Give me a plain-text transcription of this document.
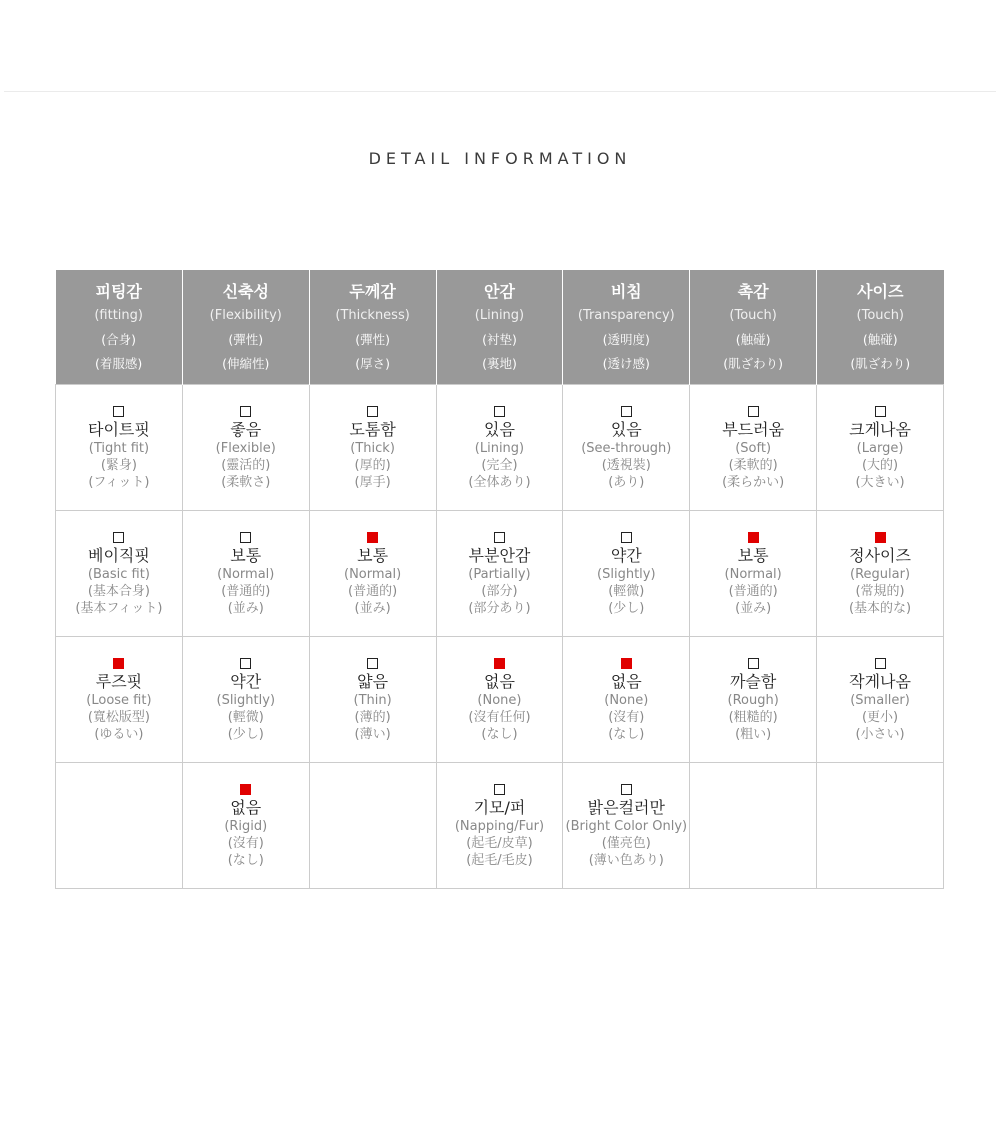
DETAIL INFORMATION
피팅감
(fitting)
(合身)
(着服感)	신축성
(Flexibility)
(彈性)
(伸縮性)	두께감
(Thickness)
(彈性)
(厚さ)	안감
(Lining)
(衬垫)
(裏地)	비침
(Transparency)
(透明度)
(透け感)	촉감
(Touch)
(触碰)
(肌ざわり)	사이즈
(Touch)
(触碰)
(肌ざわり)

타이트핏
(Tight fit)
(緊身)
(フィット)	좋음
(Flexible)
(靈活的)
(柔軟さ)	도톰함
(Thick)
(厚的)
(厚手)	있음
(Lining)
(完全)
(全体あり)	있음
(See-through)
(透視裝)
(あり)	부드러움
(Soft)
(柔軟的)
(柔らかい)	크게나옴
(Large)
(大的)
(大きい)

베이직핏
(Basic fit)
(基本合身)
(基本フィット)	보통
(Normal)
(普通的)
(並み)	보통
(Normal)
(普通的)
(並み)	부분안감
(Partially)
(部分)
(部分あり)	약간
(Slightly)
(輕微)
(少し)	보통
(Normal)
(普通的)
(並み)	정사이즈
(Regular)
(常規的)
(基本的な)

루즈핏
(Loose fit)
(寬松版型)
(ゆるい)	약간
(Slightly)
(輕微)
(少し)	얇음
(Thin)
(薄的)
(薄い)	없음
(None)
(沒有任何)
(なし)	없음
(None)
(沒有)
(なし)	까슬함
(Rough)
(粗糙的)
(粗い)	작게나옴
(Smaller)
(更小)
(小さい)

	없음
(Rigid)
(沒有)
(なし)		기모/퍼
(Napping/Fur)
(起毛/皮草)
(起毛/毛皮)	밝은컬러만
(Bright Color Only)
(僅亮色)
(薄い色あり)		
